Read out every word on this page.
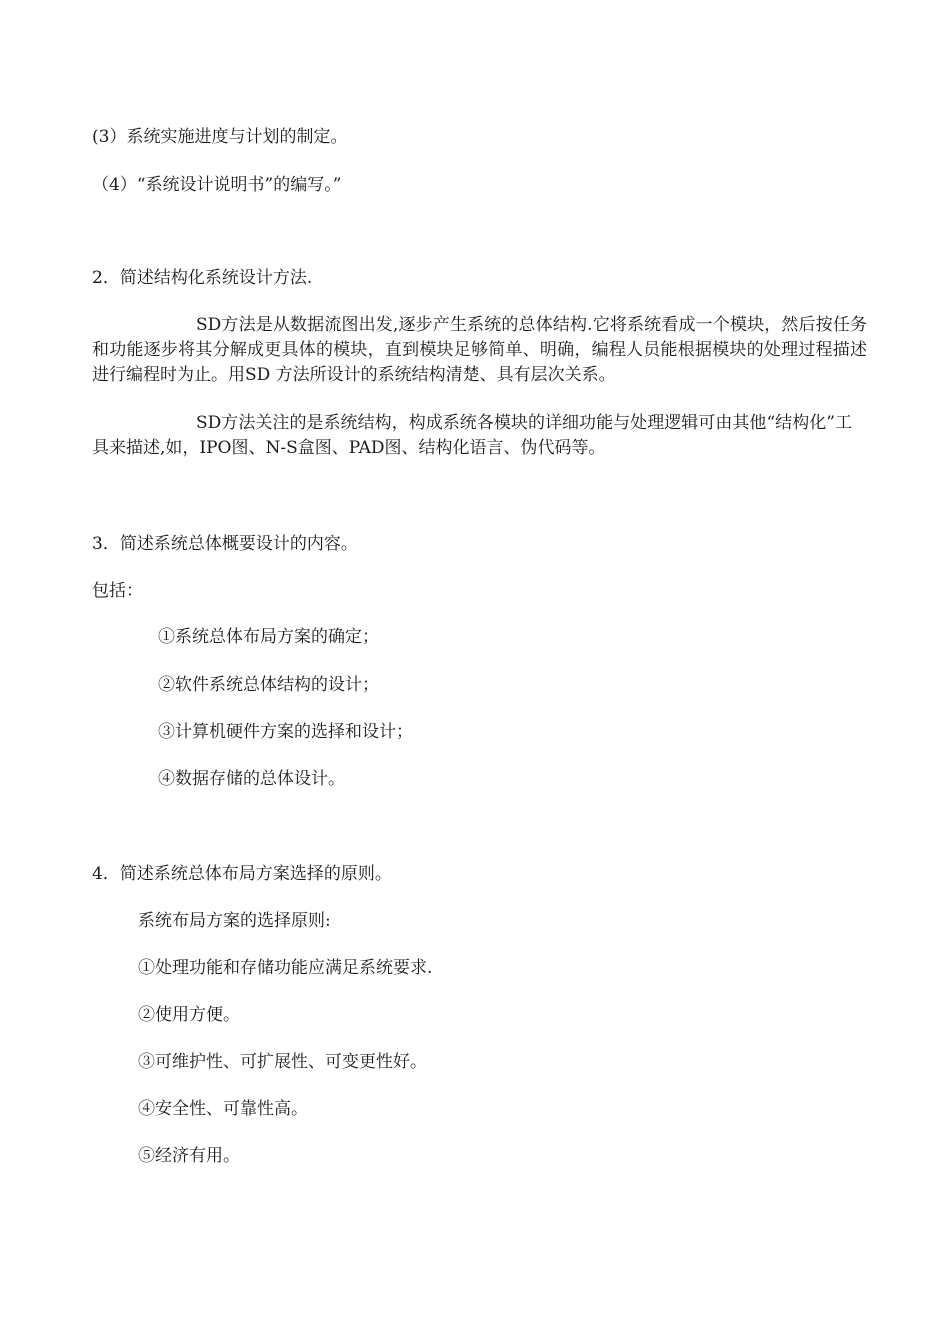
(3）系统实施进度与计划的制定。
（4）“系统设计说明书”的编写。”
2．简述结构化系统设计方法.
SD方法是从数据流图出发,逐步产生系统的总体结构.它将系统看成一个模块，然后按任务和功能逐步将其分解成更具体的模块，直到模块足够简单、明确，编程人员能根据模块的处理过程描述进行编程时为止。用SD 方法所设计的系统结构清楚、具有层次关系。
SD方法关注的是系统结构，构成系统各模块的详细功能与处理逻辑可由其他“结构化”工具来描述,如，IPO图、N-S盒图、PAD图、结构化语言、伪代码等。
3．简述系统总体概要设计的内容。
包括：
①系统总体布局方案的确定；
②软件系统总体结构的设计；
③计算机硬件方案的选择和设计；
④数据存储的总体设计。
4．简述系统总体布局方案选择的原则。
系统布局方案的选择原则:
①处理功能和存储功能应满足系统要求.
②使用方便。
③可维护性、可扩展性、可变更性好。
④安全性、可靠性高。
⑤经济有用。
